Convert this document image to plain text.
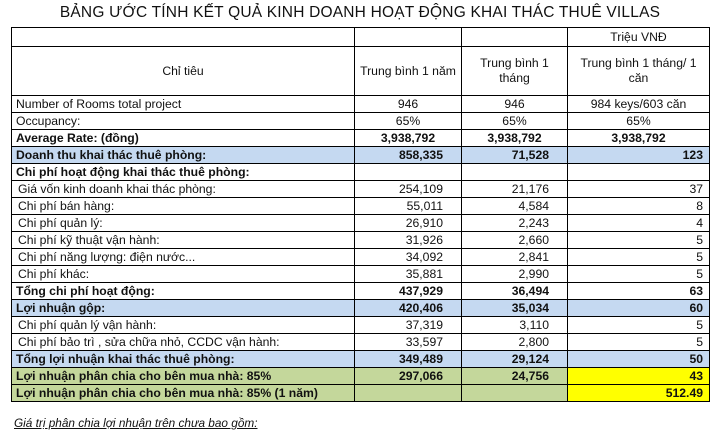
BẢNG ƯỚC TÍNH KẾT QUẢ KINH DOANH HOẠT ĐỘNG KHAI THÁC THUÊ VILLAS
			Triệu VNĐ
Chỉ tiêu	Trung bình 1 năm	Trung bình 1 tháng	Trung bình 1 tháng/ 1 căn
Number of Rooms total project	946	946	984 keys/603 căn
Occupancy:	65%	65%	65%
Average Rate: (đồng)	3,938,792	3,938,792	3,938,792
Doanh thu khai thác thuê phòng:	858,335	71,528	123
Chi phí hoạt động khai thác thuê phòng:			
Giá vốn kinh doanh khai thác phòng:	254,109	21,176	37
Chi phí bán hàng:	55,011	4,584	8
Chi phí quản lý:	26,910	2,243	4
Chi phí kỹ thuật vận hành:	31,926	2,660	5
Chi phí năng lượng: điện nước...	34,092	2,841	5
Chi phí khác:	35,881	2,990	5
Tổng chi phí hoạt động:	437,929	36,494	63
Lợi nhuận gộp:	420,406	35,034	60
Chi phí quản lý vận hành:	37,319	3,110	5
Chi phí bảo trì , sửa chữa nhỏ, CCDC vận hành:	33,597	2,800	5
Tổng lợi nhuận khai thác thuê phòng:	349,489	29,124	50
Lợi nhuận phân chia cho bên mua nhà: 85%	297,066	24,756	43
Lợi nhuận phân chia cho bên mua nhà: 85% (1 năm)			512.49
Giá trị phân chia lợi nhuận trên chưa bao gồm:
